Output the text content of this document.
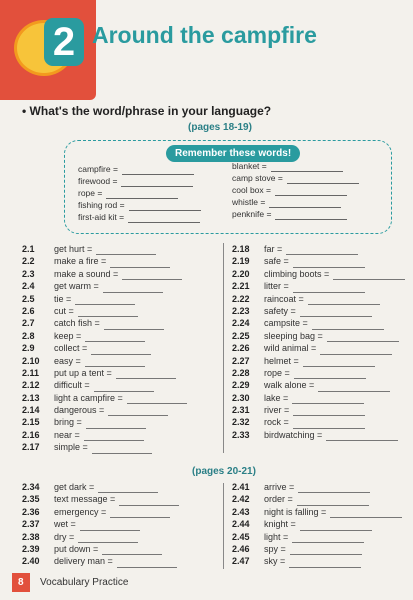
2 Around the campfire
• What's the word/phrase in your language?
(pages 18-19)
Remember these words!
campfire =
firewood =
rope =
fishing rod =
first-aid kit =
blanket =
camp stove =
cool box =
whistle =
penknife =
2.1 get hurt =
2.2 make a fire =
2.3 make a sound =
2.4 get warm =
2.5 tie =
2.6 cut =
2.7 catch fish =
2.8 keep =
2.9 collect =
2.10 easy =
2.11 put up a tent =
2.12 difficult =
2.13 light a campfire =
2.14 dangerous =
2.15 bring =
2.16 near =
2.17 simple =
2.18 far =
2.19 safe =
2.20 climbing boots =
2.21 litter =
2.22 raincoat =
2.23 safety =
2.24 campsite =
2.25 sleeping bag =
2.26 wild animal =
2.27 helmet =
2.28 rope =
2.29 walk alone =
2.30 lake =
2.31 river =
2.32 rock =
2.33 birdwatching =
(pages 20-21)
2.34 get dark =
2.35 text message =
2.36 emergency =
2.37 wet =
2.38 dry =
2.39 put down =
2.40 delivery man =
2.41 arrive =
2.42 order =
2.43 night is falling =
2.44 knight =
2.45 light =
2.46 spy =
2.47 sky =
8 Vocabulary Practice
